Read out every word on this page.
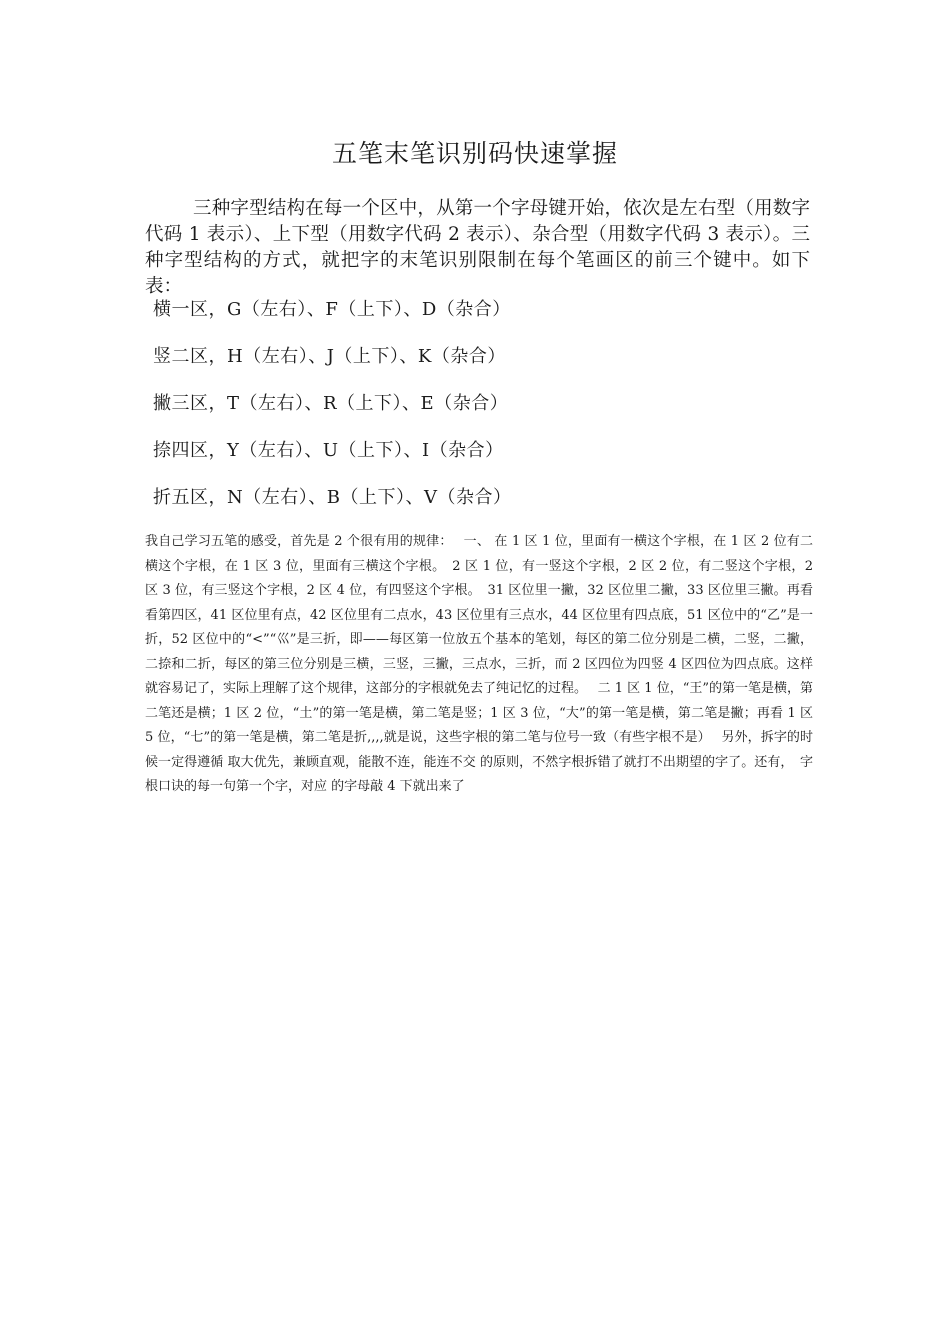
五笔末笔识别码快速掌握

三种字型结构在每一个区中，从第一个字母键开始，依次是左右型（用数字代码 1 表示）、上下型（用数字代码 2 表示）、杂合型（用数字代码 3 表示）。三种字型结构的方式，就把字的末笔识别限制在每个笔画区的前三个键中。如下表：

横一区，G（左右）、F（上下）、D（杂合）

竖二区，H（左右）、J（上下）、K（杂合）

撇三区，T（左右）、R（上下）、E（杂合）

捺四区，Y（左右）、U（上下）、I（杂合）

折五区，N（左右）、B（上下）、V（杂合）

我自己学习五笔的感受，首先是 2 个很有用的规律：　 一、 在 1 区 1 位，里面有一横这个字根，在 1 区 2 位有二横这个字根，在 1 区 3 位，里面有三横这个字根。　2 区 1 位，有一竖这个字根，2 区 2 位，有二竖这个字根，2 区 3 位，有三竖这个字根，2 区 4 位，有四竖这个字根。　31 区位里一撇，32 区位里二撇，33 区位里三撇。再看看第四区，41 区位里有点，42 区位里有二点水，43 区位里有三点水，44 区位里有四点底，51 区位中的“乙”是一折，52 区位中的“<”“巛”是三折，即——每区第一位放五个基本的笔划，每区的第二位分别是二横，二竖，二撇，二捺和二折，每区的第三位分别是三横，三竖，三撇，三点水，三折，而 2 区四位为四竖 4 区四位为四点底。这样就容易记了，实际上理解了这个规律，这部分的字根就免去了纯记忆的过程。　 二 1 区 1 位，“王”的第一笔是横，第二笔还是横；1 区 2 位，“土”的第一笔是横，第二笔是竖；1 区 3 位，“大”的第一笔是横，第二笔是撇；再看 1 区 5 位，“七”的第一笔是横，第二笔是折,,,,就是说，这些字根的第二笔与位号一致（有些字根不是）　 另外，拆字的时候一定得遵循 取大优先，兼顾直观，能散不连，能连不交 的原则，不然字根拆错了就打不出期望的字了。还有，　字根口诀的每一句第一个字，对应 的字母敲 4 下就出来了
